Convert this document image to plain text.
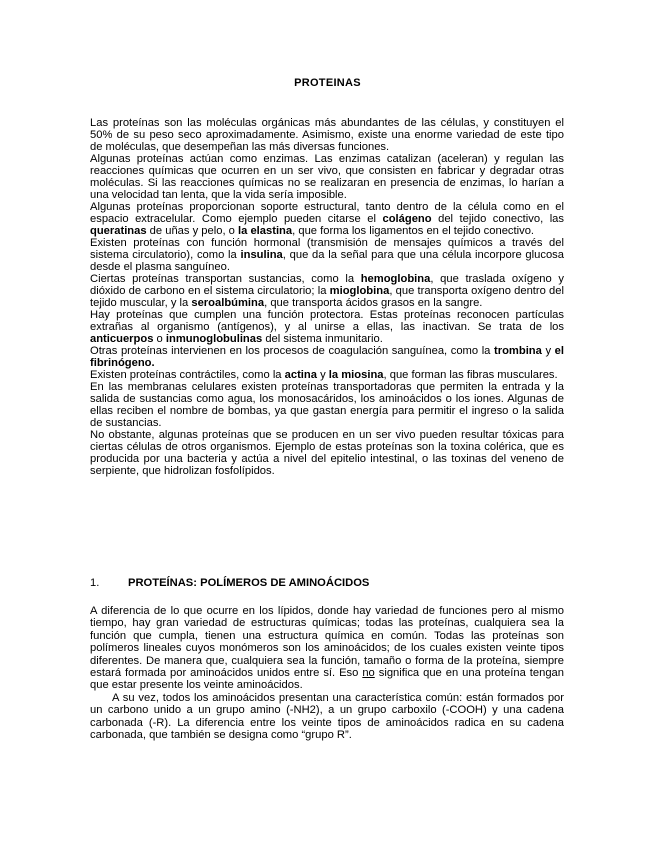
PROTEINAS

Las proteínas son las moléculas orgánicas más abundantes de las células, y constituyen el 50% de su peso seco aproximadamente. Asimismo, existe una enorme variedad de este tipo de moléculas, que desempeñan las más diversas funciones.

Algunas proteínas actúan como enzimas. Las enzimas catalizan (aceleran) y regulan las reacciones químicas que ocurren en un ser vivo, que consisten en fabricar y degradar otras moléculas. Si las reacciones químicas no se realizaran en presencia de enzimas, lo harían a una velocidad tan lenta, que la vida sería imposible.

Algunas proteínas proporcionan soporte estructural, tanto dentro de la célula como en el espacio extracelular. Como ejemplo pueden citarse el colágeno del tejido conectivo, las queratinas de uñas y pelo, o la elastina, que forma los ligamentos en el tejido conectivo.

Existen proteínas con función hormonal (transmisión de mensajes químicos a través del sistema circulatorio), como la insulina, que da la señal para que una célula incorpore glucosa desde el plasma sanguíneo.

Ciertas proteínas transportan sustancias, como la hemoglobina, que traslada oxígeno y dióxido de carbono en el sistema circulatorio; la mioglobina, que transporta oxígeno dentro del tejido muscular, y la seroalbúmina, que transporta ácidos grasos en la sangre.

Hay proteínas que cumplen una función protectora. Estas proteínas reconocen partículas extrañas al organismo (antígenos), y al unirse a ellas, las inactivan. Se trata de los anticuerpos o inmunoglobulinas del sistema inmunitario.

Otras proteínas intervienen en los procesos de coagulación sanguínea, como la trombina y el fibrinógeno.

Existen proteínas contráctiles, como la actina y la miosina, que forman las fibras musculares.

En las membranas celulares existen proteínas transportadoras que permiten la entrada y la salida de sustancias como agua, los monosacáridos, los aminoácidos o los iones. Algunas de ellas reciben el nombre de bombas, ya que gastan energía para permitir el ingreso o la salida de sustancias.

No obstante, algunas proteínas que se producen en un ser vivo pueden resultar tóxicas para ciertas células de otros organismos. Ejemplo de estas proteínas son la toxina colérica, que es producida por una bacteria y actúa a nivel del epitelio intestinal, o las toxinas del veneno de serpiente, que hidrolizan fosfolípidos.

1.	PROTEÍNAS: POLÍMEROS DE AMINOÁCIDOS

A diferencia de lo que ocurre en los lípidos, donde hay variedad de funciones pero al mismo tiempo, hay gran variedad de estructuras químicas; todas las proteínas, cualquiera sea la función que cumpla, tienen una estructura química en común. Todas las proteínas son polímeros lineales cuyos monómeros son los aminoácidos; de los cuales existen veinte tipos diferentes. De manera que, cualquiera sea la función, tamaño o forma de la proteína, siempre estará formada por aminoácidos unidos entre sí. Eso no significa que en una proteína tengan que estar presente los veinte aminoácidos.

A su vez, todos los aminoácidos presentan una característica común: están formados por un carbono unido a un grupo amino (-NH2), a un grupo carboxilo (-COOH) y una cadena carbonada (-R). La diferencia entre los veinte tipos de aminoácidos radica en su cadena carbonada, que también se designa como “grupo R”.
